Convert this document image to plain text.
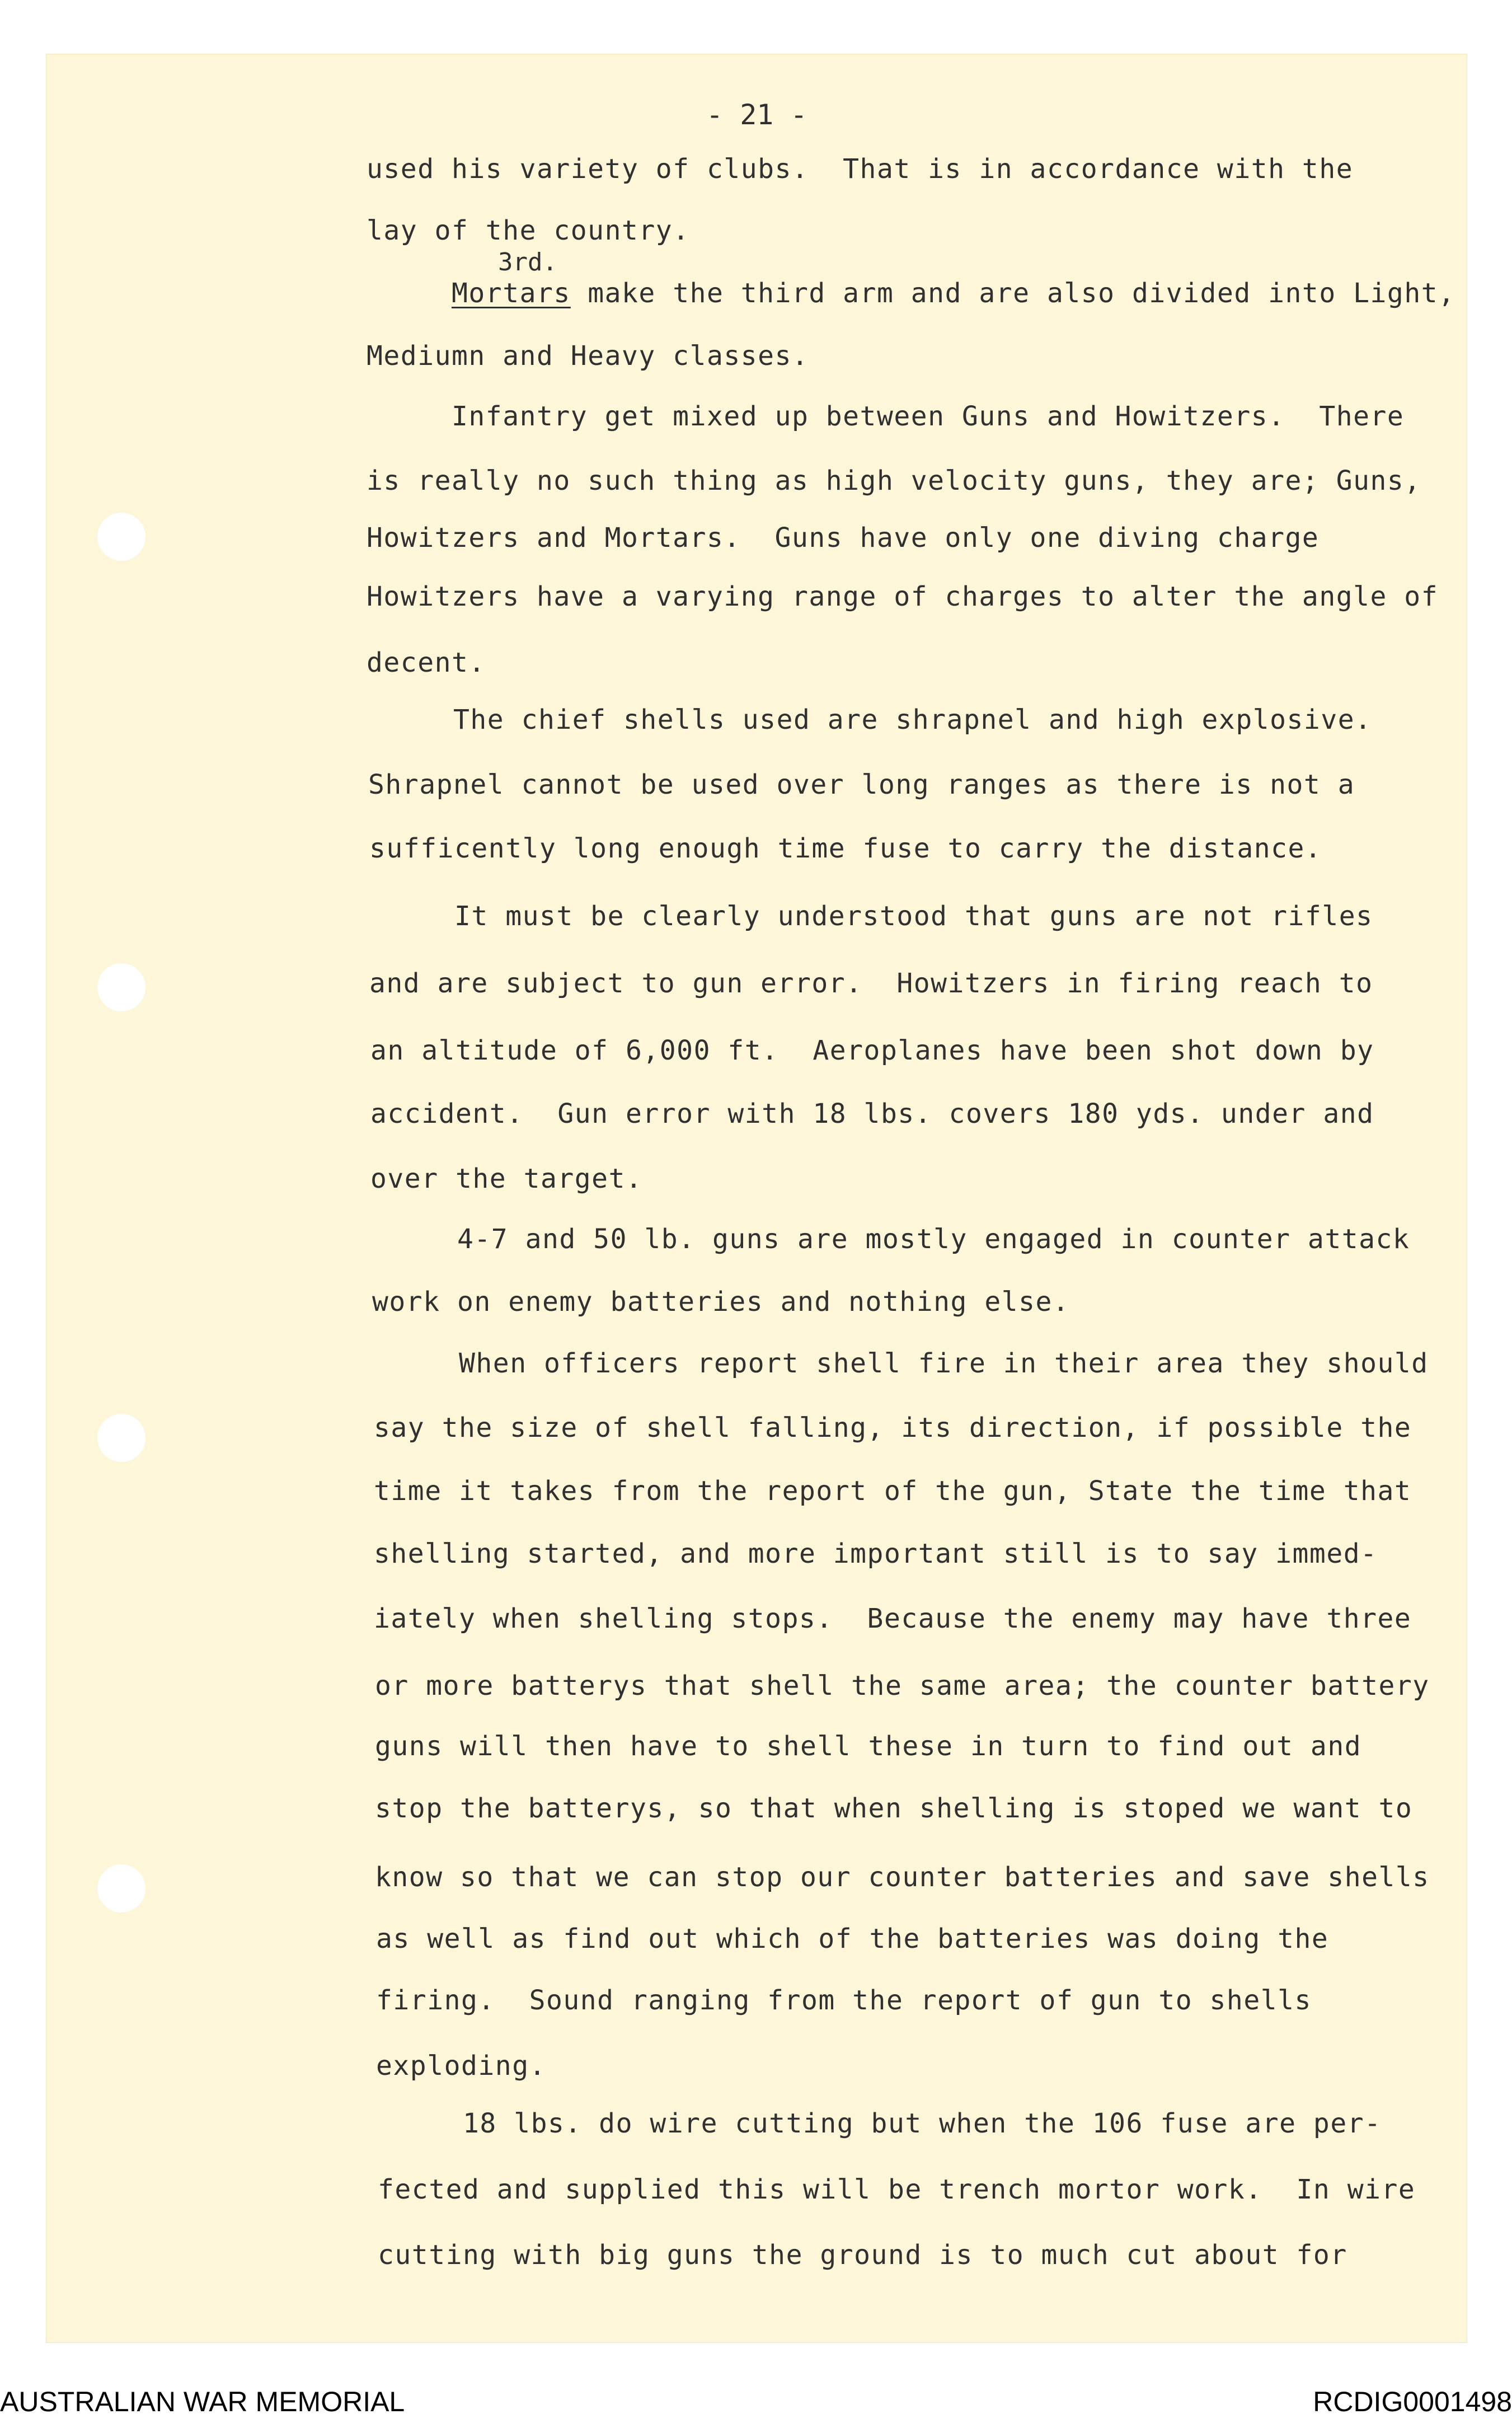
- 21 -
3rd.
used his variety of clubs.  That is in accordance with the
lay of the country.
Mortars make the third arm and are also divided into Light,
Mediumn and Heavy classes.
Infantry get mixed up between Guns and Howitzers.  There
is really no such thing as high velocity guns, they are; Guns,
Howitzers and Mortars.  Guns have only one diving charge
Howitzers have a varying range of charges to alter the angle of
decent.
The chief shells used are shrapnel and high explosive.
Shrapnel cannot be used over long ranges as there is not a
sufficently long enough time fuse to carry the distance.
It must be clearly understood that guns are not rifles
and are subject to gun error.  Howitzers in firing reach to
an altitude of 6,000 ft.  Aeroplanes have been shot down by
accident.  Gun error with 18 lbs. covers 180 yds. under and
over the target.
4-7 and 50 lb. guns are mostly engaged in counter attack
work on enemy batteries and nothing else.
When officers report shell fire in their area they should
say the size of shell falling, its direction, if possible the
time it takes from the report of the gun, State the time that
shelling started, and more important still is to say immed-
iately when shelling stops.  Because the enemy may have three
or more batterys that shell the same area; the counter battery
guns will then have to shell these in turn to find out and
stop the batterys, so that when shelling is stoped we want to
know so that we can stop our counter batteries and save shells
as well as find out which of the batteries was doing the
firing.  Sound ranging from the report of gun to shells
exploding.
18 lbs. do wire cutting but when the 106 fuse are per-
fected and supplied this will be trench mortor work.  In wire
cutting with big guns the ground is to much cut about for
AUSTRALIAN WAR MEMORIAL	RCDIG0001498
